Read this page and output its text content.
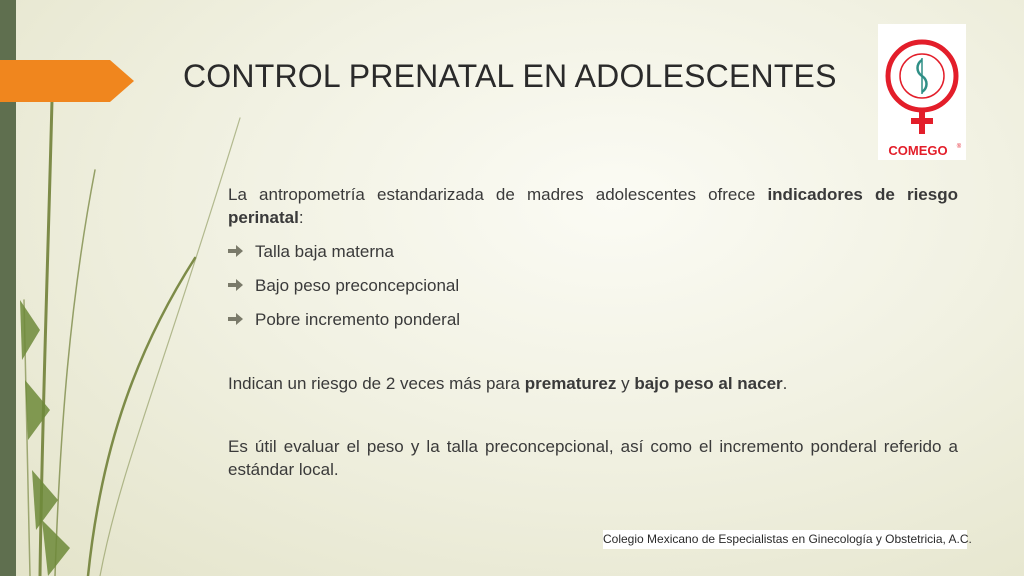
CONTROL PRENATAL EN ADOLESCENTES
COMEGO ®

La antropometría estandarizada de madres adolescentes ofrece indicadores de riesgo perinatal:

Talla baja materna
Bajo peso preconcepcional
Pobre incremento ponderal

Indican un riesgo de 2 veces más para prematurez y bajo peso al nacer.

Es útil evaluar el peso y la talla preconcepcional, así como el incremento ponderal referido a estándar local.

Colegio Mexicano de Especialistas en Ginecología y Obstetricia, A.C.
